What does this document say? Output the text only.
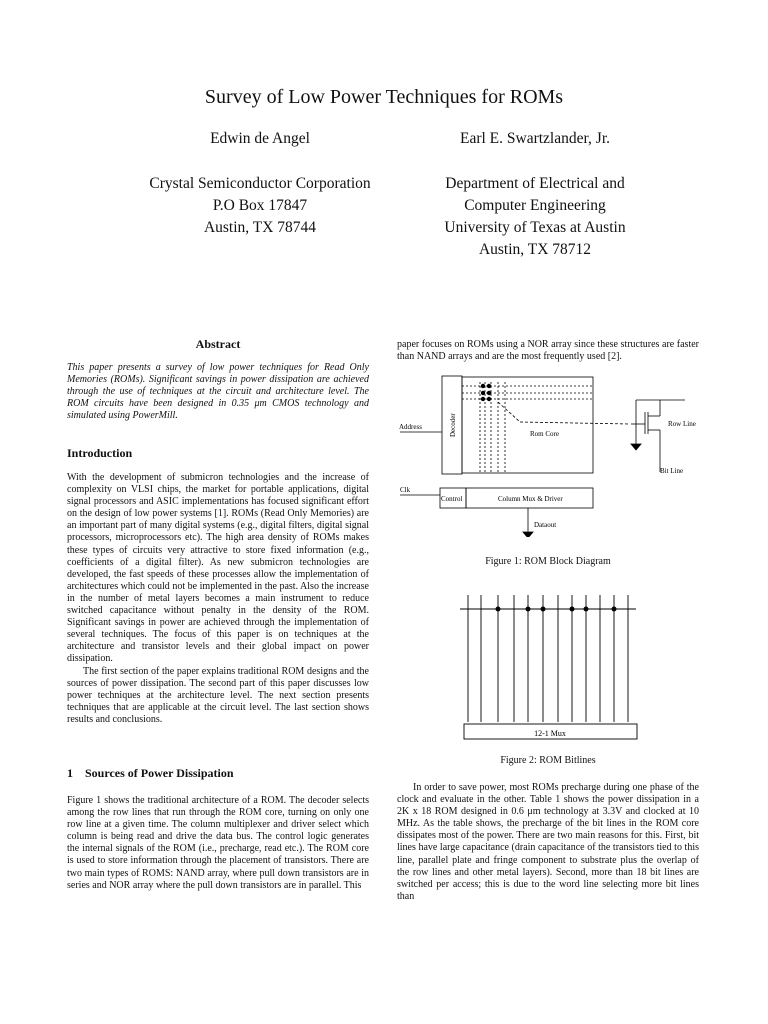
Survey of Low Power Techniques for ROMs
Edwin de Angel
Crystal Semiconductor Corporation
P.O Box 17847
Austin, TX 78744
Earl E. Swartzlander, Jr.
Department of Electrical and
Computer Engineering
University of Texas at Austin
Austin, TX 78712
Abstract
This paper presents a survey of low power techniques for Read Only Memories (ROMs). Significant savings in power dissipation are achieved through the use of techniques at the circuit and architecture level. The ROM circuits have been designed in 0.35 μm CMOS technology and simulated using PowerMill.
Introduction

With the development of submicron technologies and the increase of complexity on VLSI chips, the market for portable applications, digital signal processors and ASIC implementations has focused significant effort on the design of low power systems [1]. ROMs (Read Only Memories) are an important part of many digital systems (e.g., digital filters, digital signal processors, microprocessors etc). The high area density of ROMs makes these types of circuits very attractive to store fixed information (e.g., coefficients of a digital filter). As new submicron technologies are developed, the fast speeds of these processes allow the implementation of architectures which could not be implemented in the past. Also the increase in the number of metal layers becomes a main instrument to reduce switched capacitance without penalty in the density of the ROM. Significant savings in power are achieved through the implementation of several techniques. The focus of this paper is on techniques at the architecture and transistor levels and their global impact on power dissipation.

The first section of the paper explains traditional ROM designs and the sources of power dissipation. The second part of this paper discusses low power techniques at the architecture level. The next section presents techniques that are applicable at the circuit level. The last section shows results and conclusions.

1 Sources of Power Dissipation
Figure 1 shows the traditional architecture of a ROM. The decoder selects among the row lines that run through the ROM core, turning on only one row line at a given time. The column multiplexer and driver select which column is being read and drive the data bus. The control logic generates the internal signals of the ROM (i.e., precharge, read etc.). The ROM core is used to store information through the placement of transistors. There are two main types of ROMS: NAND array, where pull down transistors are in series and NOR array where the pull down transistors are in parallel. This
paper focuses on ROMs using a NOR array since these structures are faster than NAND arrays and are the most frequently used [2].
Address	Decoder	Rom Core
Row Line
Bit Line
Clk
Control	Column Mux & Driver
Dataout
Figure 1: ROM Block Diagram
12-1 Mux
Figure 2: ROM Bitlines
In order to save power, most ROMs precharge during one phase of the clock and evaluate in the other. Table 1 shows the power dissipation in a 2K x 18 ROM designed in 0.6 μm technology at 3.3V and clocked at 10 MHz. As the table shows, the precharge of the bit lines in the ROM core dissipates most of the power. There are two main reasons for this. First, bit lines have large capacitance (drain capacitance of the transistors tied to this line, parallel plate and fringe component to substrate plus the overlap of the row lines and other metal layers). Second, more than 18 bit lines are switched per access; this is due to the word line selecting more bit lines than
